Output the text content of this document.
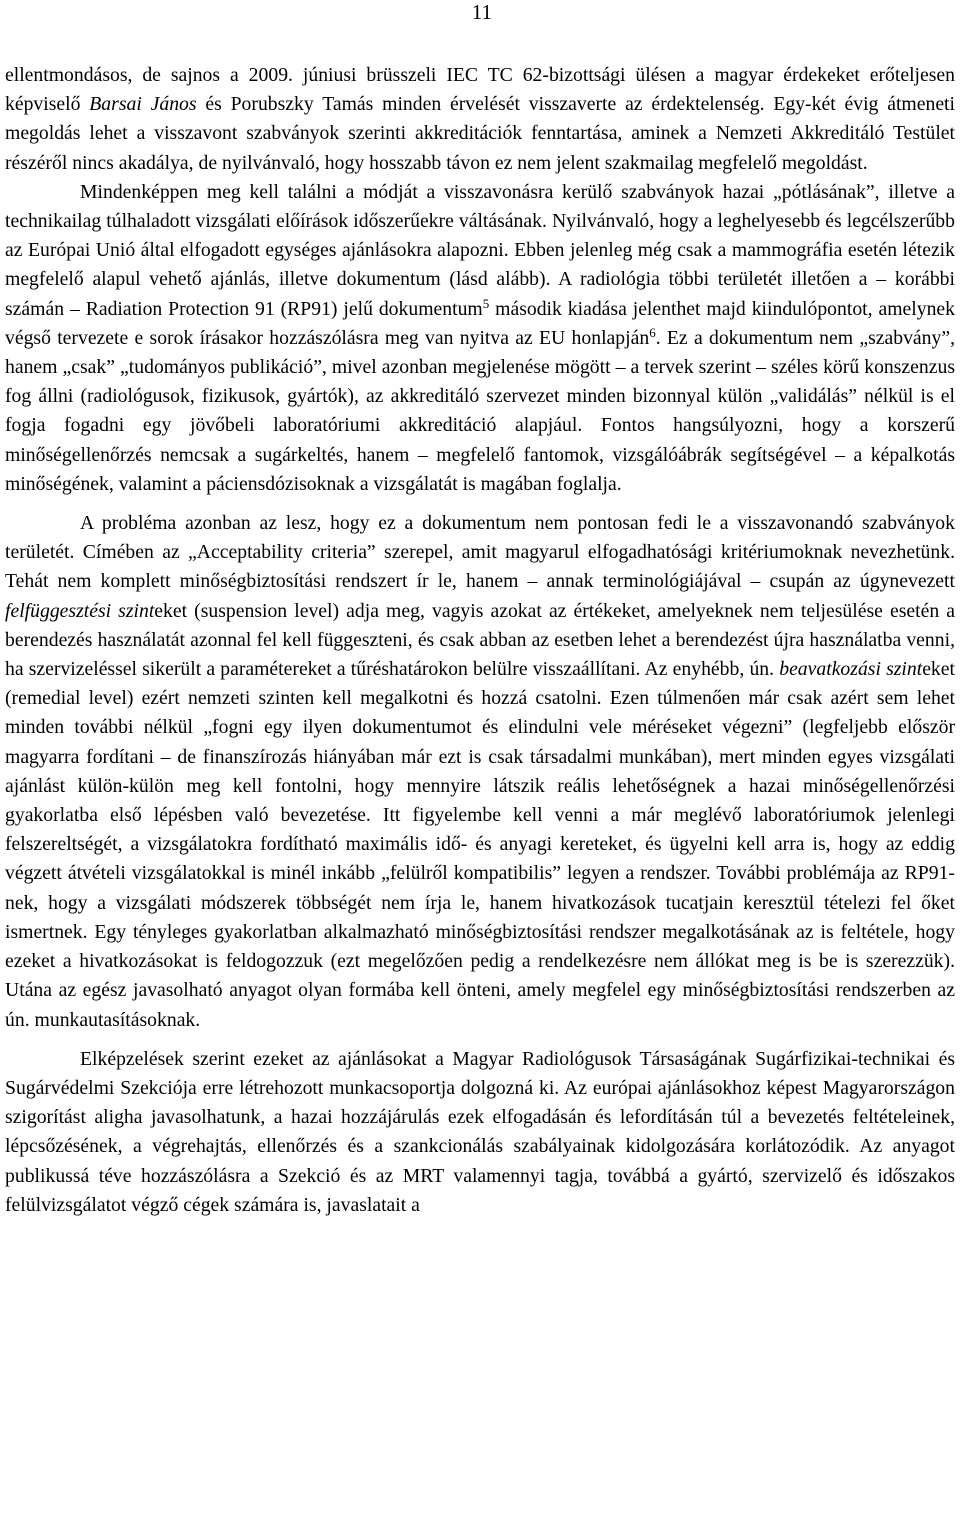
11

ellentmondásos, de sajnos a 2009. júniusi brüsszeli IEC TC 62-bizottsági ülésen a magyar érdekeket erőteljesen képviselő Barsai János és Porubszky Tamás minden érvelését visszaverte az érdektelenség. Egy-két évig átmeneti megoldás lehet a visszavont szabványok szerinti akkreditációk fenntartása, aminek a Nemzeti Akkreditáló Testület részéről nincs akadálya, de nyilvánvaló, hogy hosszabb távon ez nem jelent szakmailag megfelelő megoldást.

Mindenképpen meg kell találni a módját a visszavonásra kerülő szabványok hazai „pótlásának”, illetve a technikailag túlhaladott vizsgálati előírások időszerűekre váltásának. Nyilvánvaló, hogy a leghelyesebb és legcélszerűbb az Európai Unió által elfogadott egységes ajánlásokra alapozni. Ebben jelenleg még csak a mammográfia esetén létezik megfelelő alapul vehető ajánlás, illetve dokumentum (lásd alább). A radiológia többi területét illetően a – korábbi számán – Radiation Protection 91 (RP91) jelű dokumentum$^5$ második kiadása jelenthet majd kiindulópontot, amelynek végső tervezete e sorok írásakor hozzászólásra meg van nyitva az EU honlapján$^6$. Ez a dokumentum nem „szabvány”, hanem „csak” „tudományos publikáció”, mivel azonban megjelenése mögött – a tervek szerint – széles körű konszenzus fog állni (radiológusok, fizikusok, gyártók), az akkreditáló szervezet minden bizonnyal külön „validálás” nélkül is el fogja fogadni egy jövőbeli laboratóriumi akkreditáció alapjául. Fontos hangsúlyozni, hogy a korszerű minőségellenőrzés nemcsak a sugárkeltés, hanem – megfelelő fantomok, vizsgálóábrák segítségével – a képalkotás minőségének, valamint a páciensdózisoknak a vizsgálatát is magában foglalja.

A probléma azonban az lesz, hogy ez a dokumentum nem pontosan fedi le a visszavonandó szabványok területét. Címében az „Acceptability criteria” szerepel, amit magyarul elfogadhatósági kritériumoknak nevezhetünk. Tehát nem komplett minőségbiztosítási rendszert ír le, hanem – annak terminológiájával – csupán az úgynevezett felfüggesztési szinteket (suspension level) adja meg, vagyis azokat az értékeket, amelyeknek nem teljesülése esetén a berendezés használatát azonnal fel kell függeszteni, és csak abban az esetben lehet a berendezést újra használatba venni, ha szervizeléssel sikerült a paramétereket a tűréshatárokon belülre visszaállítani. Az enyhébb, ún. beavatkozási szinteket (remedial level) ezért nemzeti szinten kell megalkotni és hozzá csatolni. Ezen túlmenően már csak azért sem lehet minden további nélkül „fogni egy ilyen dokumentumot és elindulni vele méréseket végezni” (legfeljebb először magyarra fordítani – de finanszírozás hiányában már ezt is csak társadalmi munkában), mert minden egyes vizsgálati ajánlást külön-külön meg kell fontolni, hogy mennyire látszik reális lehetőségnek a hazai minőségellenőrzési gyakorlatba első lépésben való bevezetése. Itt figyelembe kell venni a már meglévő laboratóriumok jelenlegi felszereltségét, a vizsgálatokra fordítható maximális idő- és anyagi kereteket, és ügyelni kell arra is, hogy az eddig végzett átvételi vizsgálatokkal is minél inkább „felülről kompatibilis” legyen a rendszer. További problémája az RP91-nek, hogy a vizsgálati módszerek többségét nem írja le, hanem hivatkozások tucatjain keresztül tételezi fel őket ismertnek. Egy tényleges gyakorlatban alkalmazható minőségbiztosítási rendszer megalkotásának az is feltétele, hogy ezeket a hivatkozásokat is feldogozzuk (ezt megelőzően pedig a rendelkezésre nem állókat meg is be is szerezzük). Utána az egész javasolható anyagot olyan formába kell önteni, amely megfelel egy minőségbiztosítási rendszerben az ún. munkautasításoknak.

Elképzelések szerint ezeket az ajánlásokat a Magyar Radiológusok Társaságának Sugárfizikai-technikai és Sugárvédelmi Szekciója erre létrehozott munkacsoportja dolgozná ki. Az európai ajánlásokhoz képest Magyarországon szigorítást aligha javasolhatunk, a hazai hozzájárulás ezek elfogadásán és lefordításán túl a bevezetés feltételeinek, lépcsőzésének, a végrehajtás, ellenőrzés és a szankcionálás szabályainak kidolgozására korlátozódik. Az anyagot publikussá téve hozzászólásra a Szekció és az MRT valamennyi tagja, továbbá a gyártó, szervizelő és időszakos felülvizsgálatot végző cégek számára is, javaslatait a
